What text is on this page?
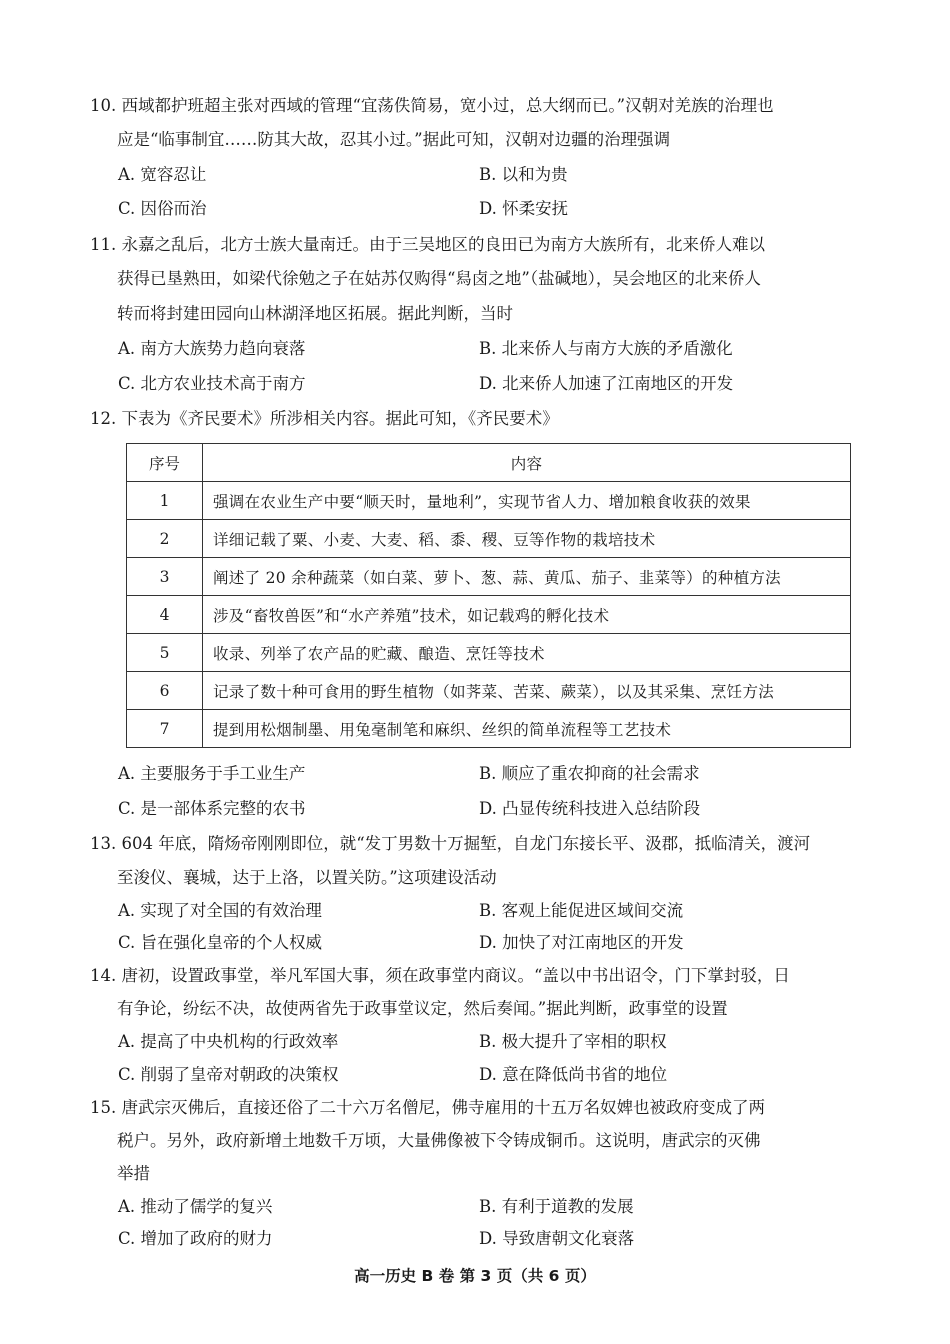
10. 西域都护班超主张对西域的管理“宜荡佚简易，宽小过，总大纲而已。”汉朝对羌族的治理也
应是“临事制宜……防其大故，忍其小过。”据此可知，汉朝对边疆的治理强调
A. 宽容忍让	B. 以和为贵
C. 因俗而治	D. 怀柔安抚
11. 永嘉之乱后，北方士族大量南迁。由于三吴地区的良田已为南方大族所有，北来侨人难以
获得已垦熟田，如梁代徐勉之子在姑苏仅购得“舄卤之地”（盐碱地），吴会地区的北来侨人
转而将封建田园向山林湖泽地区拓展。据此判断，当时
A. 南方大族势力趋向衰落	B. 北来侨人与南方大族的矛盾激化
C. 北方农业技术高于南方	D. 北来侨人加速了江南地区的开发
12. 下表为《齐民要术》所涉相关内容。据此可知，《齐民要术》
序号	内容
1	强调在农业生产中要“顺天时，量地利”，实现节省人力、增加粮食收获的效果
2	详细记载了粟、小麦、大麦、稻、黍、稷、豆等作物的栽培技术
3	阐述了 20 余种蔬菜（如白菜、萝卜、葱、蒜、黄瓜、茄子、韭菜等）的种植方法
4	涉及“畜牧兽医”和“水产养殖”技术，如记载鸡的孵化技术
5	收录、列举了农产品的贮藏、酿造、烹饪等技术
6	记录了数十种可食用的野生植物（如荠菜、苦菜、蕨菜），以及其采集、烹饪方法
7	提到用松烟制墨、用兔毫制笔和麻织、丝织的简单流程等工艺技术
A. 主要服务于手工业生产	B. 顺应了重农抑商的社会需求
C. 是一部体系完整的农书	D. 凸显传统科技进入总结阶段
13. 604 年底，隋炀帝刚刚即位，就“发丁男数十万掘堑，自龙门东接长平、汲郡，抵临清关，渡河
至浚仪、襄城，达于上洛，以置关防。”这项建设活动
A. 实现了对全国的有效治理	B. 客观上能促进区域间交流
C. 旨在强化皇帝的个人权威	D. 加快了对江南地区的开发
14. 唐初，设置政事堂，举凡军国大事，须在政事堂内商议。“盖以中书出诏令，门下掌封驳，日
有争论，纷纭不决，故使两省先于政事堂议定，然后奏闻。”据此判断，政事堂的设置
A. 提高了中央机构的行政效率	B. 极大提升了宰相的职权
C. 削弱了皇帝对朝政的决策权	D. 意在降低尚书省的地位
15. 唐武宗灭佛后，直接还俗了二十六万名僧尼，佛寺雇用的十五万名奴婢也被政府变成了两
税户。另外，政府新增土地数千万顷，大量佛像被下令铸成铜币。这说明，唐武宗的灭佛
举措
A. 推动了儒学的复兴	B. 有利于道教的发展
C. 增加了政府的财力	D. 导致唐朝文化衰落
高一历史 B 卷 第 3 页（共 6 页）
